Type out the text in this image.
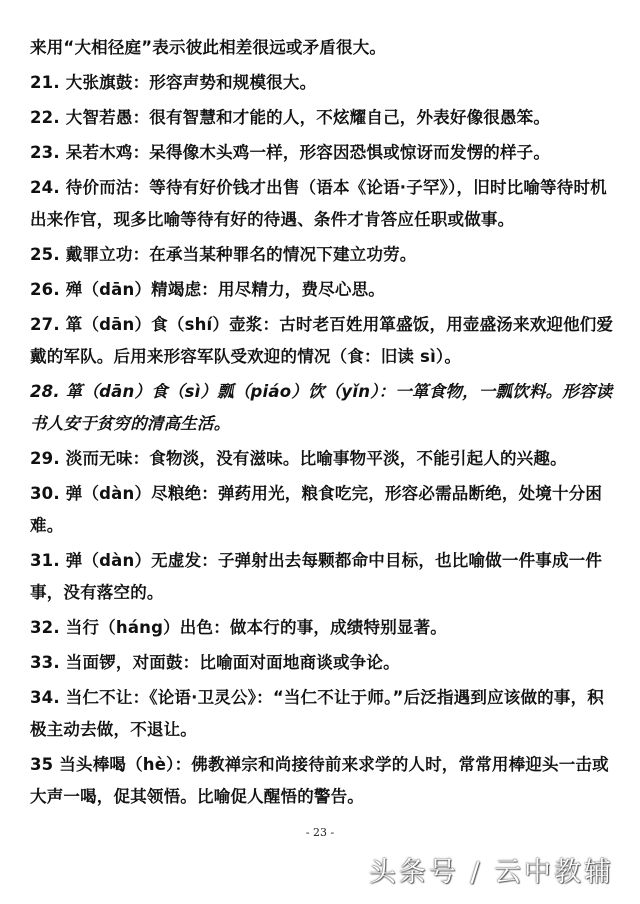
来用“大相径庭”表示彼此相差很远或矛盾很大。

21. 大张旗鼓：形容声势和规模很大。

22. 大智若愚：很有智慧和才能的人，不炫耀自己，外表好像很愚笨。

23. 呆若木鸡：呆得像木头鸡一样，形容因恐惧或惊讶而发愣的样子。

24. 待价而沽：等待有好价钱才出售（语本《论语·子罕》），旧时比喻等待时机出来作官，现多比喻等待有好的待遇、条件才肯答应任职或做事。

25. 戴罪立功：在承当某种罪名的情况下建立功劳。

26. 殚（dān）精竭虑：用尽精力，费尽心思。

27. 箪（dān）食（shí）壶浆：古时老百姓用箪盛饭，用壶盛汤来欢迎他们爱戴的军队。后用来形容军队受欢迎的情况（食：旧读 sì）。

28. 箪（dān）食（sì）瓢（piáo）饮（yǐn）：一箪食物，一瓢饮料。形容读书人安于贫穷的清高生活。

29. 淡而无味：食物淡，没有滋味。比喻事物平淡，不能引起人的兴趣。

30. 弹（dàn）尽粮绝：弹药用光，粮食吃完，形容必需品断绝，处境十分困难。

31. 弹（dàn）无虚发：子弹射出去每颗都命中目标，也比喻做一件事成一件事，没有落空的。

32. 当行（háng）出色：做本行的事，成绩特别显著。

33. 当面锣，对面鼓：比喻面对面地商谈或争论。

34. 当仁不让：《论语·卫灵公》：“当仁不让于师。”后泛指遇到应该做的事，积极主动去做，不退让。

35 当头棒喝（hè）：佛教禅宗和尚接待前来求学的人时，常常用棒迎头一击或大声一喝，促其领悟。比喻促人醒悟的警告。

- 23 -
头条号 / 云中教辅
